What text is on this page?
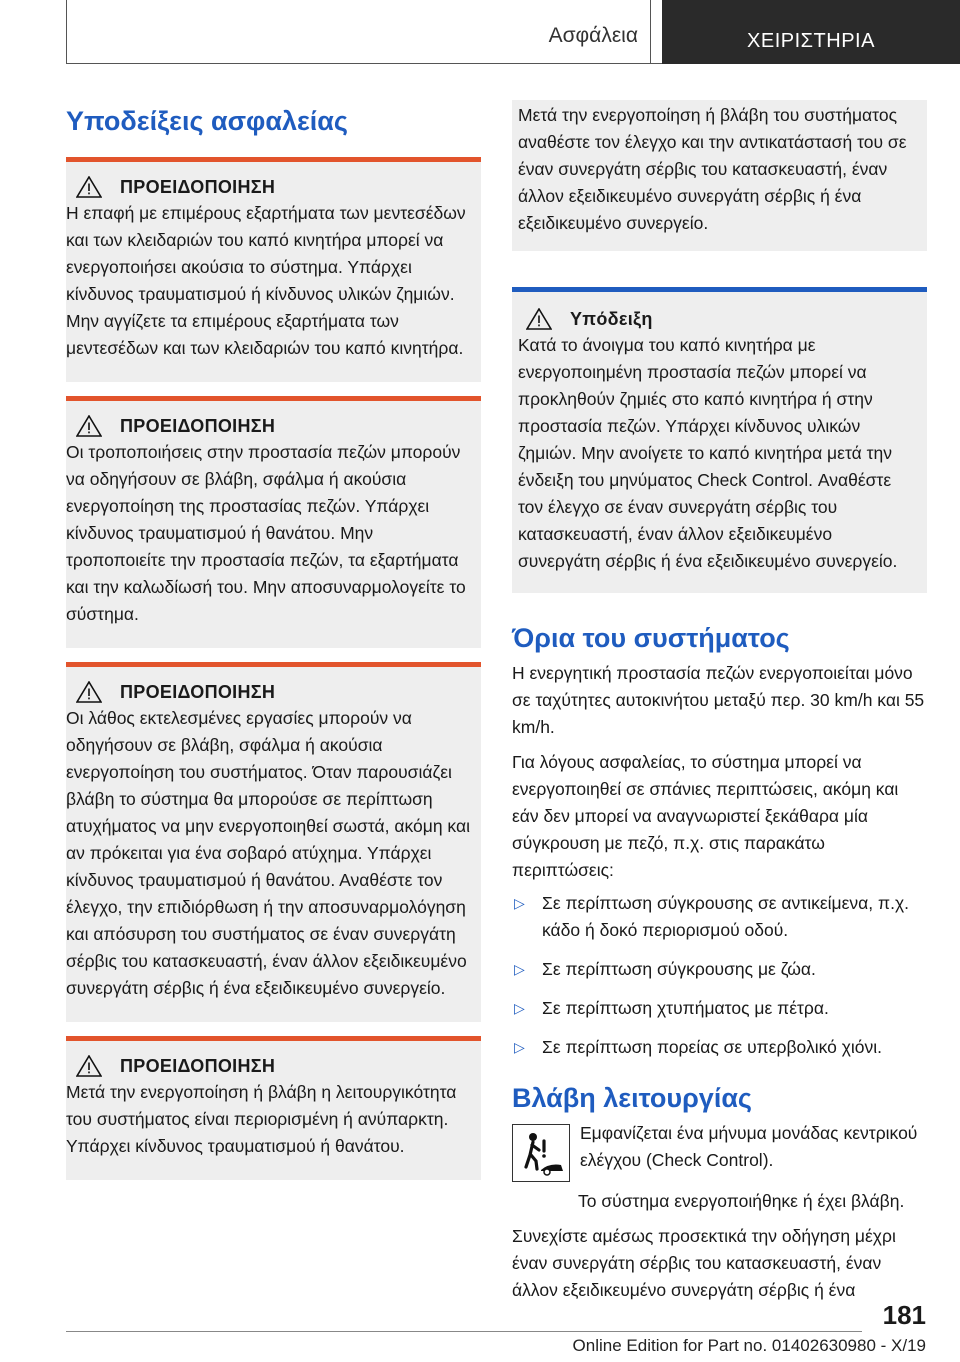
Ασφάλεια	ΧΕΙΡΙΣΤΗΡΙΑ
Υποδείξεις ασφαλείας
ΠΡΟΕΙΔΟΠΟΙΗΣΗ
Η επαφή με επιμέρους εξαρτήματα των μεντεσέδων και των κλειδαριών του καπό κινητήρα μπορεί να ενεργοποιήσει ακούσια το σύστημα. Υπάρχει κίνδυνος τραυματισμού ή κίνδυνος υλικών ζημιών. Μην αγγίζετε τα επιμέρους εξαρτήματα των μεντεσέδων και των κλειδαριών του καπό κινητήρα.
ΠΡΟΕΙΔΟΠΟΙΗΣΗ
Οι τροποποιήσεις στην προστασία πεζών μπορούν να οδηγήσουν σε βλάβη, σφάλμα ή ακούσια ενεργοποίηση της προστασίας πεζών. Υπάρχει κίνδυνος τραυματισμού ή θανάτου. Μην τροποποιείτε την προστασία πεζών, τα εξαρτήματα και την καλωδίωσή του. Μην αποσυναρμολογείτε το σύστημα.
ΠΡΟΕΙΔΟΠΟΙΗΣΗ
Οι λάθος εκτελεσμένες εργασίες μπορούν να οδηγήσουν σε βλάβη, σφάλμα ή ακούσια ενεργοποίηση του συστήματος. Όταν παρουσιάζει βλάβη το σύστημα θα μπορούσε σε περίπτωση ατυχήματος να μην ενεργοποιηθεί σωστά, ακόμη και αν πρόκειται για ένα σοβαρό ατύχημα. Υπάρχει κίνδυνος τραυματισμού ή θανάτου. Αναθέστε τον έλεγχο, την επιδιόρθωση ή την αποσυναρμολόγηση και απόσυρση του συστήματος σε έναν συνεργάτη σέρβις του κατασκευαστή, έναν άλλον εξειδικευμένο συνεργάτη σέρβις ή ένα εξειδικευμένο συνεργείο.
ΠΡΟΕΙΔΟΠΟΙΗΣΗ
Μετά την ενεργοποίηση ή βλάβη η λειτουργικότητα του συστήματος είναι περιορισμένη ή ανύπαρκτη. Υπάρχει κίνδυνος τραυματισμού ή θανάτου.
Μετά την ενεργοποίηση ή βλάβη του συστήματος αναθέστε τον έλεγχο και την αντικατάστασή του σε έναν συνεργάτη σέρβις του κατασκευαστή, έναν άλλον εξειδικευμένο συνεργάτη σέρβις ή ένα εξειδικευμένο συνεργείο.
Υπόδειξη
Κατά το άνοιγμα του καπό κινητήρα με ενεργοποιημένη προστασία πεζών μπορεί να προκληθούν ζημιές στο καπό κινητήρα ή στην προστασία πεζών. Υπάρχει κίνδυνος υλικών ζημιών. Μην ανοίγετε το καπό κινητήρα μετά την ένδειξη του μηνύματος Check Control. Αναθέστε τον έλεγχο σε έναν συνεργάτη σέρβις του κατασκευαστή, έναν άλλον εξειδικευμένο συνεργάτη σέρβις ή ένα εξειδικευμένο συνεργείο.
Όρια του συστήματος

Η ενεργητική προστασία πεζών ενεργοποιείται μόνο σε ταχύτητες αυτοκινήτου μεταξύ περ. 30 km/h και 55 km/h.

Για λόγους ασφαλείας, το σύστημα μπορεί να ενεργοποιηθεί σε σπάνιες περιπτώσεις, ακόμη και εάν δεν μπορεί να αναγνωριστεί ξεκάθαρα μία σύγκρουση με πεζό, π.χ. στις παρακάτω περιπτώσεις:

▷ Σε περίπτωση σύγκρουσης σε αντικείμενα, π.χ. κάδο ή δοκό περιορισμού οδού.
▷ Σε περίπτωση σύγκρουσης με ζώα.
▷ Σε περίπτωση χτυπήματος με πέτρα.
▷ Σε περίπτωση πορείας σε υπερβολικό χιόνι.
Βλάβη λειτουργίας
Εμφανίζεται ένα μήνυμα μονάδας κεντρικού ελέγχου (Check Control).
Το σύστημα ενεργοποιήθηκε ή έχει βλάβη.
Συνεχίστε αμέσως προσεκτικά την οδήγηση μέχρι έναν συνεργάτη σέρβις του κατασκευαστή, έναν άλλον εξειδικευμένο συνεργάτη σέρβις ή ένα
181
Online Edition for Part no. 01402630980 - X/19
